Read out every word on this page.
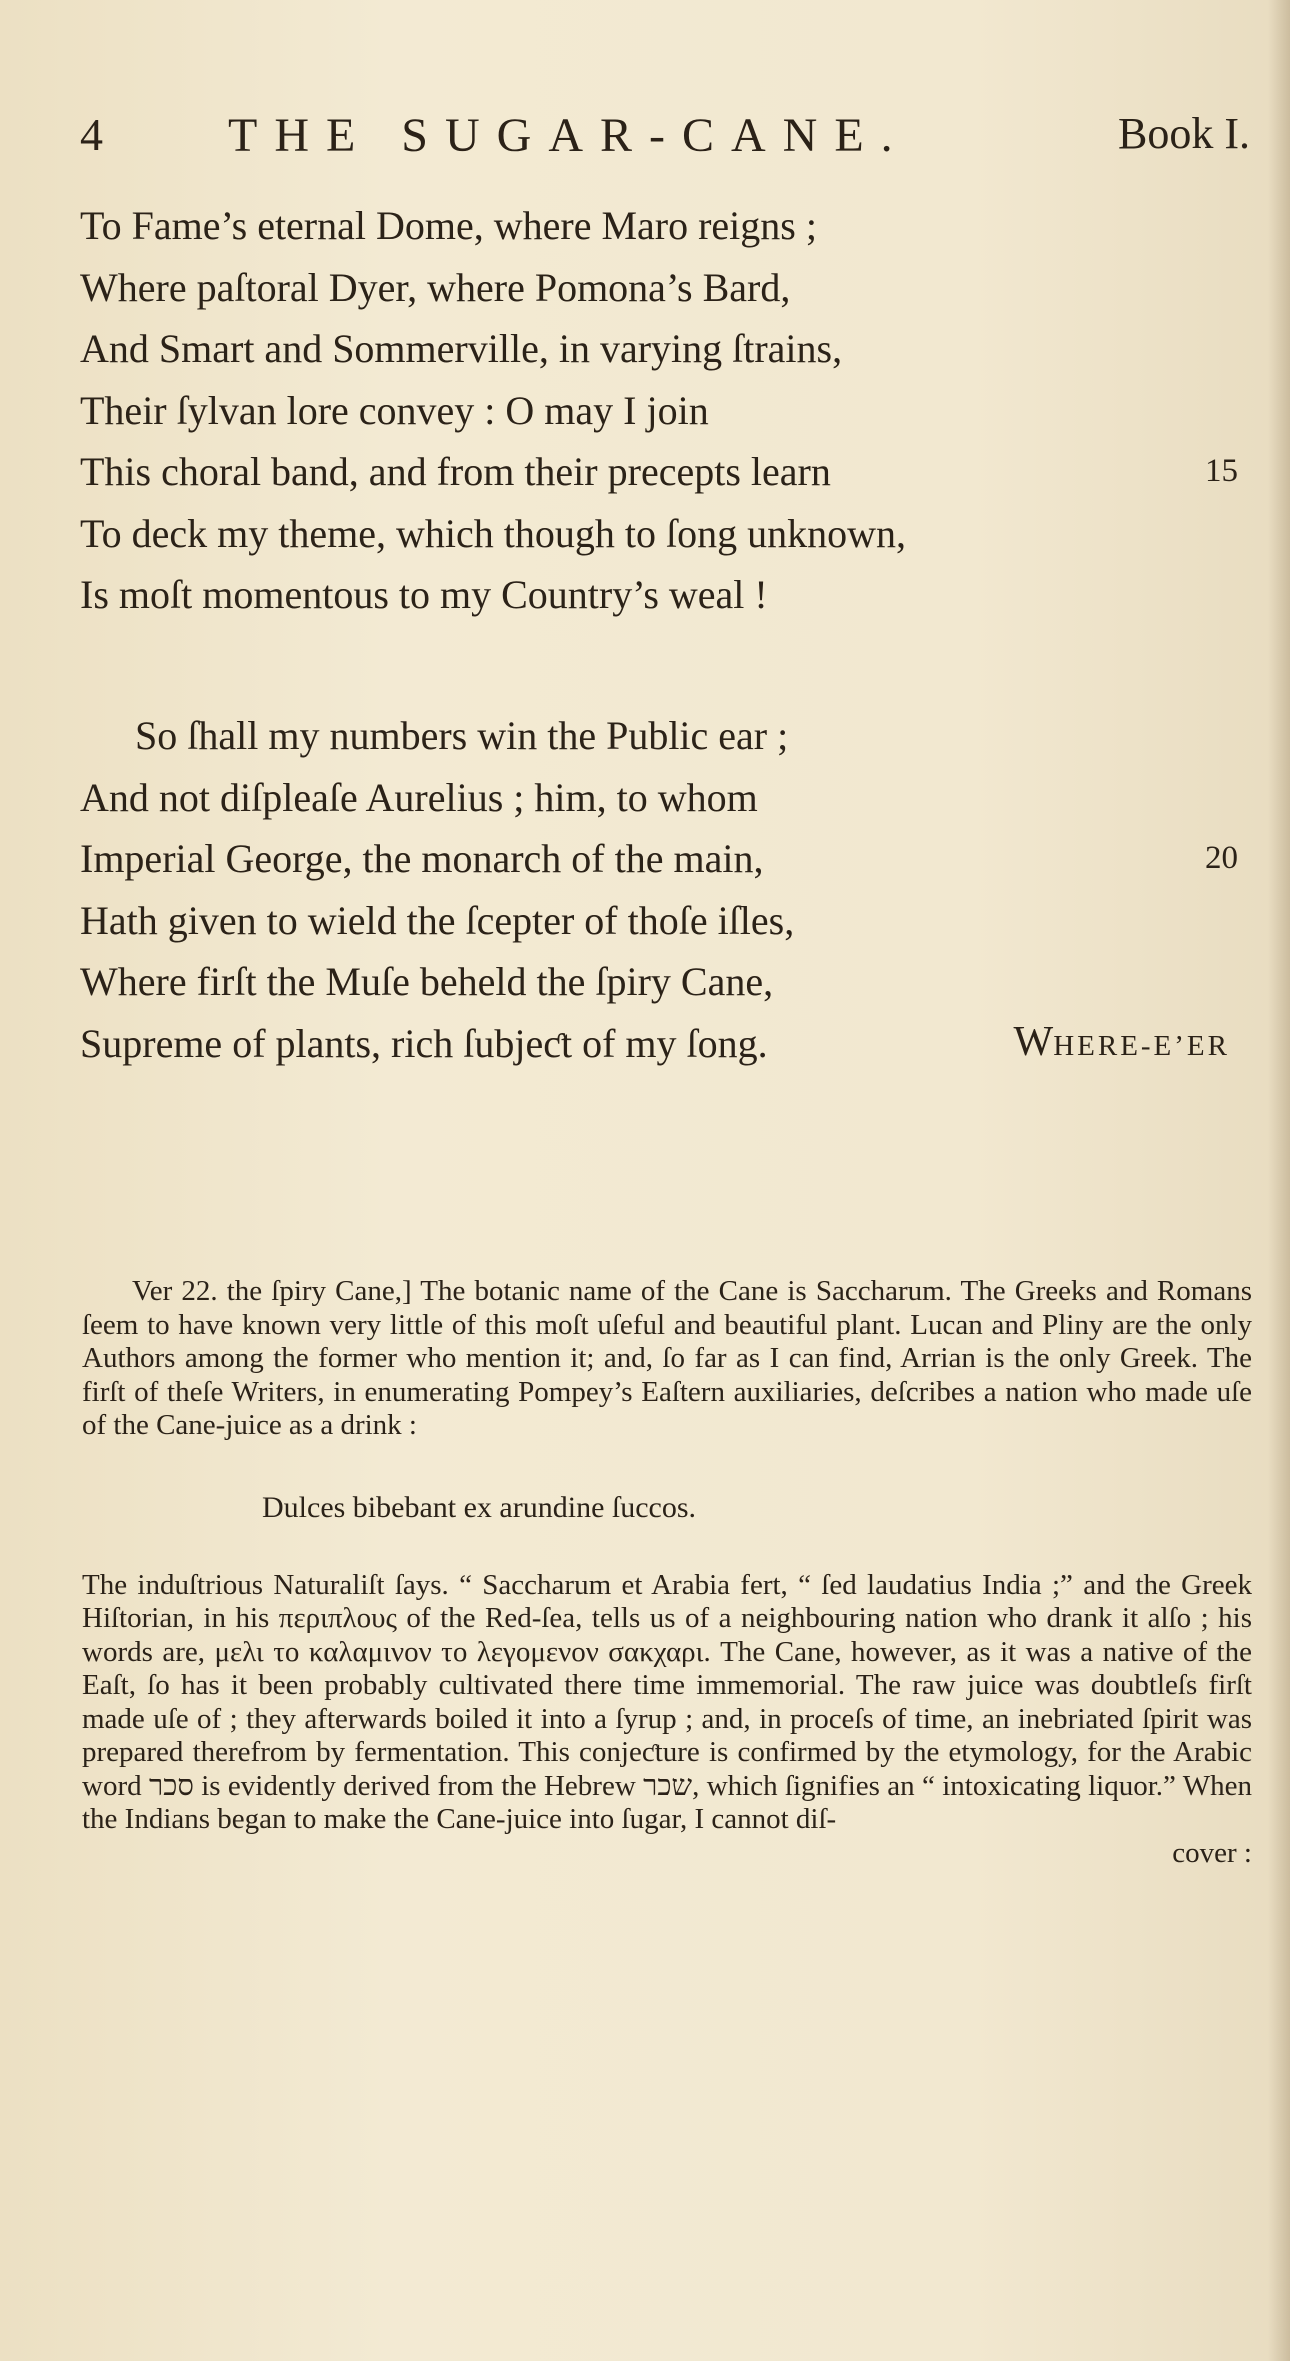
4	THE SUGAR-CANE.	Book I.
To Fame’s eternal Dome, where Maro reigns ;
Where paſtoral Dyer, where Pomona’s Bard,
And Smart and Sommerville, in varying ſtrains,
Their ſylvan lore convey : O may I join
This choral band, and from their precepts learn	15
To deck my theme, which though to ſong unknown,
Is moſt momentous to my Country’s weal !
So ſhall my numbers win the Public ear ;
And not diſpleaſe Aurelius ; him, to whom
Imperial George, the monarch of the main,	20
Hath given to wield the ſcepter of thoſe iſles,
Where firſt the Muſe beheld the ſpiry Cane,
Supreme of plants, rich ſubjeƈt of my ſong.	WHERE-E’ER

Ver 22. the ſpiry Cane,] The botanic name of the Cane is Saccharum. The Greeks and Romans ſeem to have known very little of this moſt uſeful and beautiful plant. Lucan and Pliny are the only Authors among the former who mention it; and, ſo far as I can find, Arrian is the only Greek. The firſt of theſe Writers, in enumerating Pompey’s Eaſtern auxiliaries, deſcribes a nation who made uſe of the Cane-juice as a drink :

Dulces bibebant ex arundine ſuccos.

The induſtrious Naturaliſt ſays. “ Saccharum et Arabia fert, “ ſed laudatius India ;” and the Greek Hiſtorian, in his περιπλους of the Red-ſea, tells us of a neighbouring nation who drank it alſo ; his words are, μελι το καλαμινον το λεγομενον σακχαρι. The Cane, however, as it was a native of the Eaſt, ſo has it been probably cultivated there time immemorial. The raw juice was doubtleſs firſt made uſe of ; they afterwards boiled it into a ſyrup ; and, in proceſs of time, an inebriated ſpirit was prepared therefrom by fermentation. This conjeƈture is confirmed by the etymology, for the Arabic word סכר is evidently derived from the Hebrew שכר, which ſignifies an “ intoxicating liquor.” When the Indians began to make the Cane-juice into ſugar, I cannot diſ-

cover :
